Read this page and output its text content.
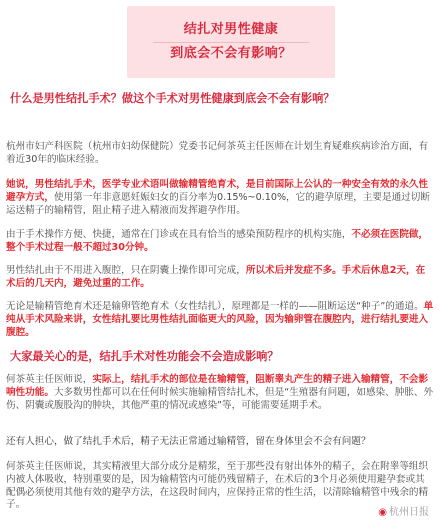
结扎对男性健康
到底会不会有影响？
什么是男性结扎手术？做这个手术对男性健康到底会不会有影响？

杭州市妇产科医院（杭州市妇幼保健院）党委书记何茶英主任医师在计划生育疑难疾病诊治方面，有着近30年的临床经验。

她说，男性结扎手术，医学专业术语叫做输精管绝育术，是目前国际上公认的一种安全有效的永久性避孕方式，使用第一年非意愿妊娠妇女的百分率为0.15%~0.10%，它的避孕原理，主要是通过切断运送精子的输精管，阻止精子进入精液而发挥避孕作用。

由于手术操作方便、快捷，通常在门诊或在具有恰当的感染预防程序的机构实施，不必须在医院做，整个手术过程一般不超过30分钟。

男性结扎由于不用进入腹腔，只在阴囊上操作即可完成，所以术后并发症不多。手术后休息2天，在术后的几天内，避免过重的工作。

无论是输精管绝育术还是输卵管绝育术（女性结扎），原理都是一样的——阻断运送“种子”的通道。单纯从手术风险来讲，女性结扎要比男性结扎面临更大的风险，因为输卵管在腹腔内，进行结扎要进入腹腔。

大家最关心的是，结扎手术对性功能会不会造成影响？

何茶英主任医师说，实际上，结扎手术的部位是在输精管，阻断睾丸产生的精子进入输精管，不会影响性功能。大多数男性都可以在任何时候实施输精管结扎术，但是“生殖器有问题，如感染、肿胀、外伤、阴囊或腹股沟的肿块，其他严重的情况或感染”等，可能需要延期手术。

还有人担心，做了结扎手术后，精子无法正常通过输精管，留在身体里会不会有问题？

何茶英主任医师说，其实精液里大部分成分是精浆，至于那些没有射出体外的精子，会在附睾等组织内被人体吸收，特别重要的是，因为输精管内可能仍残留精子，在术后的3个月必须使用避孕套或其配偶必须使用其他有效的避孕方法，在这段时间内，应保持正常的性生活，以清除输精管中残余的精子。

◉ 杭州日报
